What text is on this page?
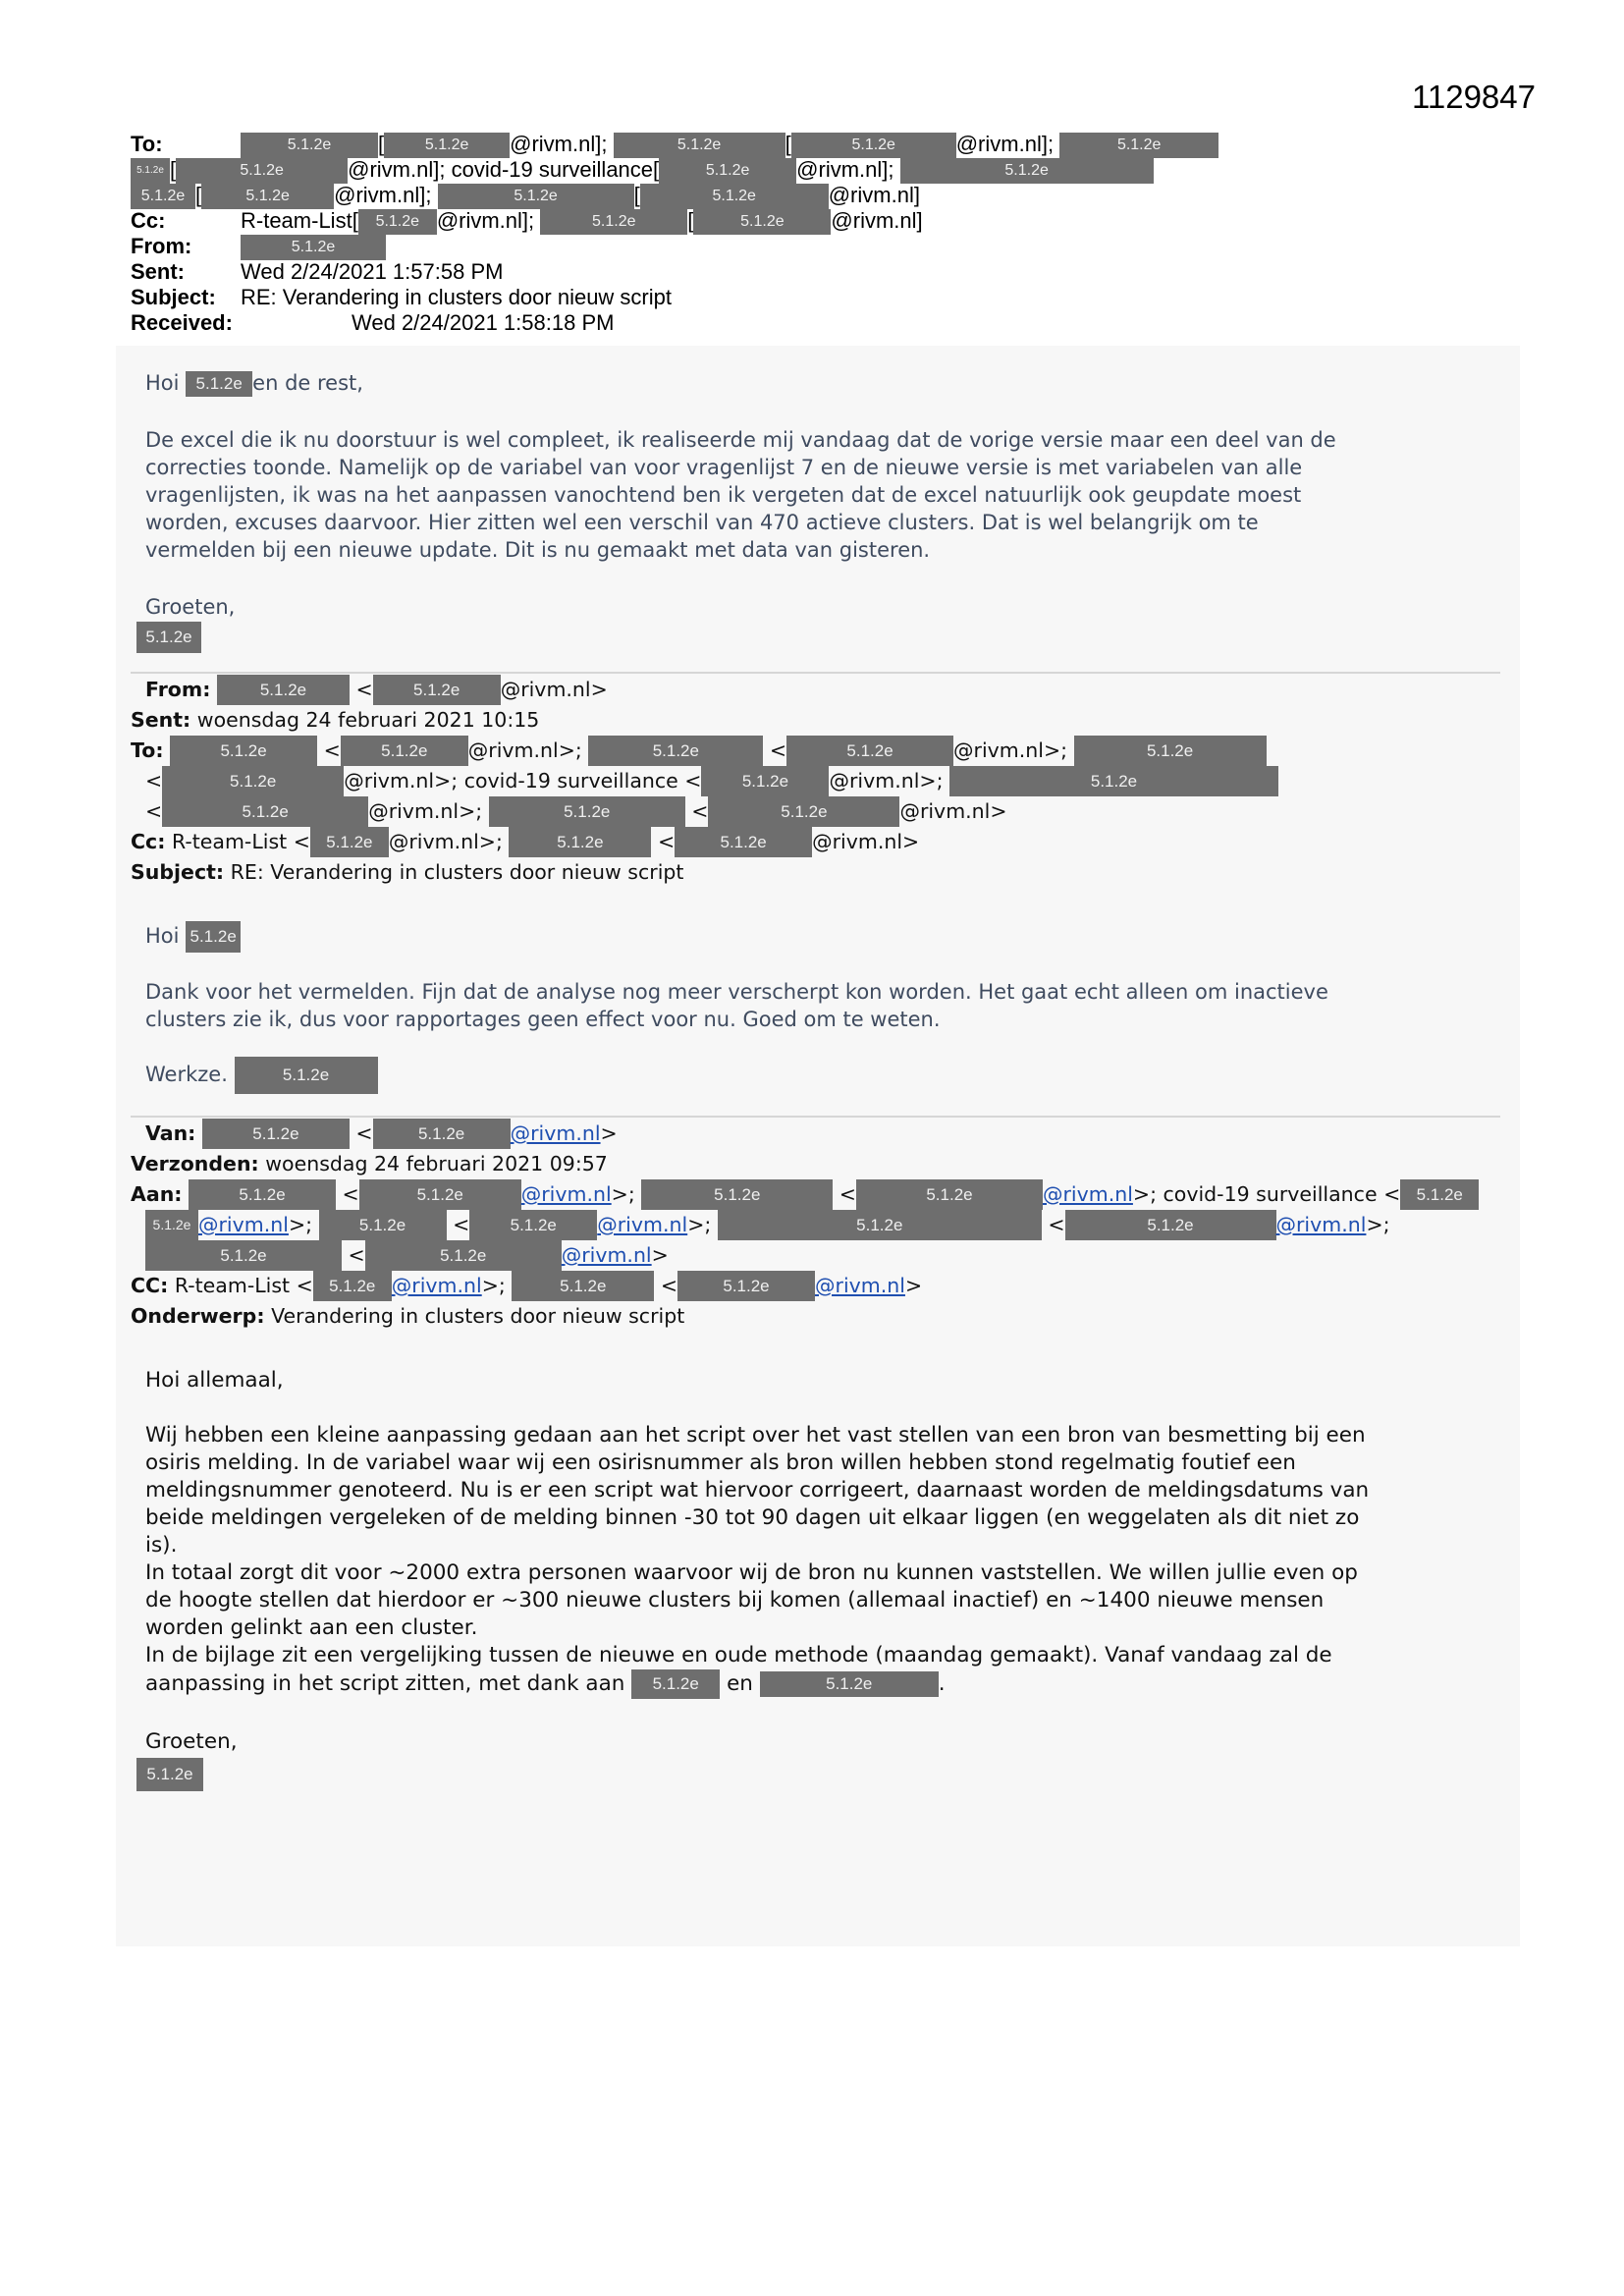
1129847
To:	5.1.2e [	5.1.2e @rivm.nl];	5.1.2e	[	5.1.2e	@rivm.nl];	5.1.2e
5.1.2e [	5.1.2e	@rivm.nl]; covid-19 surveillance[	5.1.2e @rivm.nl];	5.1.2e
5.1.2e [	5.1.2e @rivm.nl];	5.1.2e	[	5.1.2e	@rivm.nl]
Cc:	R-team-List[ 5.1.2e @rivm.nl];	5.1.2e [	5.1.2e @rivm.nl]
From:	5.1.2e
Sent:	Wed 2/24/2021 1:57:58 PM
Subject: RE: Verandering in clusters door nieuw script
Received:	Wed 2/24/2021 1:58:18 PM
Hoi 5.1.2e en de rest,

De excel die ik nu doorstuur is wel compleet, ik realiseerde mij vandaag dat de vorige versie maar een deel van de

correcties toonde. Namelijk op de variabel van voor vragenlijst 7 en de nieuwe versie is met variabelen van alle

vragenlijsten, ik was na het aanpassen vanochtend ben ik vergeten dat de excel natuurlijk ook geupdate moest

worden, excuses daarvoor. Hier zitten wel een verschil van 470 actieve clusters. Dat is wel belangrijk om te

vermelden bij een nieuwe update. Dit is nu gemaakt met data van gisteren.

Groeten,
5.1.2e
From:	5.1.2e < 5.1.2e @rivm.nl>
Sent: woensdag 24 februari 2021 10:15
To:	5.1.2e	< 5.1.2e @rivm.nl>;	5.1.2e	<	5.1.2e	@rivm.nl>;	5.1.2e
<	5.1.2e	@rivm.nl>; covid-19 surveillance < 5.1.2e @rivm.nl>;	5.1.2e
<	5.1.2e	@rivm.nl>;	5.1.2e	<	5.1.2e	@rivm.nl>
Cc: R-team-List < 5.1.2e @rivm.nl>;	5.1.2e <	5.1.2e @rivm.nl>
Subject: RE: Verandering in clusters door nieuw script
Hoi 5.1.2e

Dank voor het vermelden. Fijn dat de analyse nog meer verscherpt kon worden. Het gaat echt alleen om inactieve

clusters zie ik, dus voor rapportages geen effect voor nu. Goed om te weten.

Werkze.	5.1.2e
Van:	5.1.2e	<	5.1.2e @rivm.nl>
Verzonden: woensdag 24 februari 2021 09:57
Aan:	5.1.2e	<	5.1.2e	@rivm.nl>;	5.1.2e	<	5.1.2e	@rivm.nl>; covid-19 surveillance < 5.1.2e
5.1.2e @rivm.nl>; 5.1.2e < 5.1.2e @rivm.nl>;	5.1.2e	<	5.1.2e	@rivm.nl>;
5.1.2e	<	5.1.2e	@rivm.nl>
CC: R-team-List < 5.1.2e @rivm.nl>;	5.1.2e <	5.1.2e @rivm.nl>
Onderwerp: Verandering in clusters door nieuw script
Hoi allemaal,

Wij hebben een kleine aanpassing gedaan aan het script over het vast stellen van een bron van besmetting bij een

osiris melding. In de variabel waar wij een osirisnummer als bron willen hebben stond regelmatig foutief een

meldingsnummer genoteerd. Nu is er een script wat hiervoor corrigeert, daarnaast worden de meldingsdatums van

beide meldingen vergeleken of de melding binnen -30 tot 90 dagen uit elkaar liggen (en weggelaten als dit niet zo

is).

In totaal zorgt dit voor ~2000 extra personen waarvoor wij de bron nu kunnen vaststellen. We willen jullie even op

de hoogte stellen dat hierdoor er ~300 nieuwe clusters bij komen (allemaal inactief) en ~1400 nieuwe mensen

worden gelinkt aan een cluster.

In de bijlage zit een vergelijking tussen de nieuwe en oude methode (maandag gemaakt). Vanaf vandaag zal de

aanpassing in het script zitten, met dank aan 5.1.2e en	5.1.2e	.

Groeten,
5.1.2e
